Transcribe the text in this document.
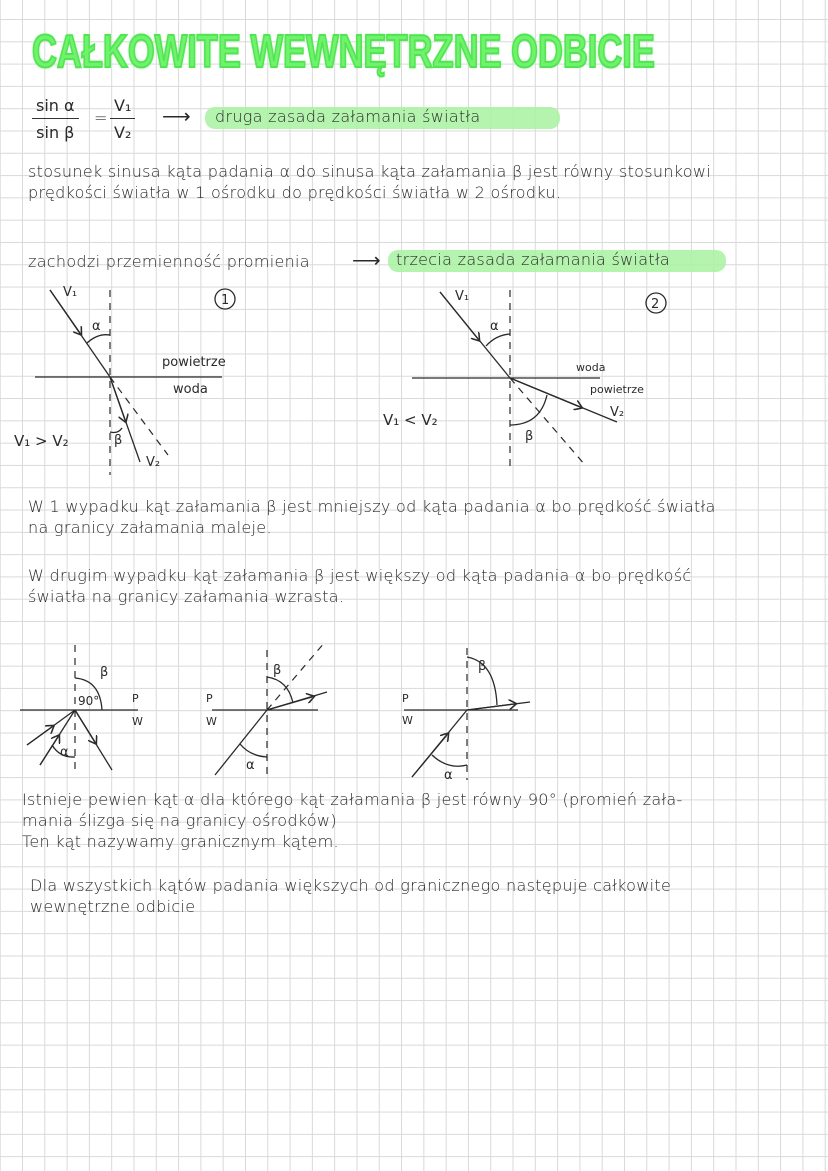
CAŁKOWITE WEWNĘTRZNE ODBICIE
$\frac{\text{sin α}}{\text{sin β}} = \frac{\text{V₁}}{\text{V₂}}$ ⟶ druga zasada załamania światła
stosunek sinusa kąta padania α do sinusa kąta załamania β jest równy stosunkowi
prędkości światła w 1 ośrodku do prędkości światła w 2 ośrodku.
zachodzi przemienność promienia ⟶ trzecia zasada załamania światła
V₁
α
powietrze
woda
β
V₂
V₁ > V₂
1	V₁
α
woda
powietrze
β
V₂
V₁ < V₂
2
β
90°	P
W
α
β
P
W
α
β
P
W
α
W 1 wypadku kąt załamania β jest mniejszy od kąta padania α bo prędkość światła
na granicy załamania maleje.
W drugim wypadku kąt załamania β jest większy od kąta padania α bo prędkość
światła na granicy załamania wzrasta.
Istnieje pewien kąt α dla którego kąt załamania β jest równy 90° (promień zała-
mania ślizga się na granicy ośrodków)
Ten kąt nazywamy granicznym kątem.
Dla wszystkich kątów padania większych od granicznego następuje całkowite
wewnętrzne odbicie
